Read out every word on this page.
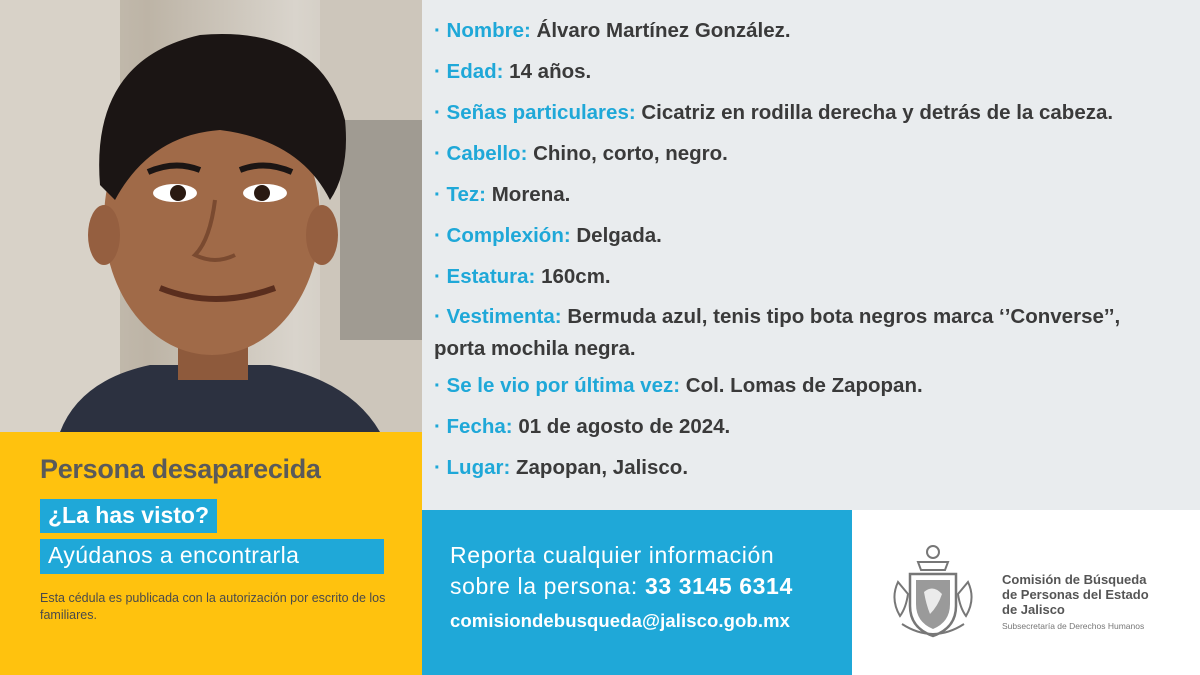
· Nombre: Álvaro Martínez González.
· Edad: 14 años.
· Señas particulares: Cicatriz en rodilla derecha y detrás de la cabeza.
· Cabello: Chino, corto, negro.
· Tez: Morena.
· Complexión: Delgada.
· Estatura: 160cm.
· Vestimenta: Bermuda azul, tenis tipo bota negros marca ‘’Converse’’,
porta mochila negra.
· Se le vio por última vez: Col. Lomas de Zapopan.
· Fecha: 01 de agosto de 2024.
· Lugar: Zapopan, Jalisco.
Persona desaparecida
¿La has visto?
Ayúdanos a encontrarla
Esta cédula es publicada con la autorización por escrito de los familiares.
Reporta cualquier información
sobre la persona: 33 3145 6314
comisiondebusqueda@jalisco.gob.mx
Comisión de Búsqueda
de Personas del Estado
de Jalisco
Subsecretaría de Derechos Humanos
